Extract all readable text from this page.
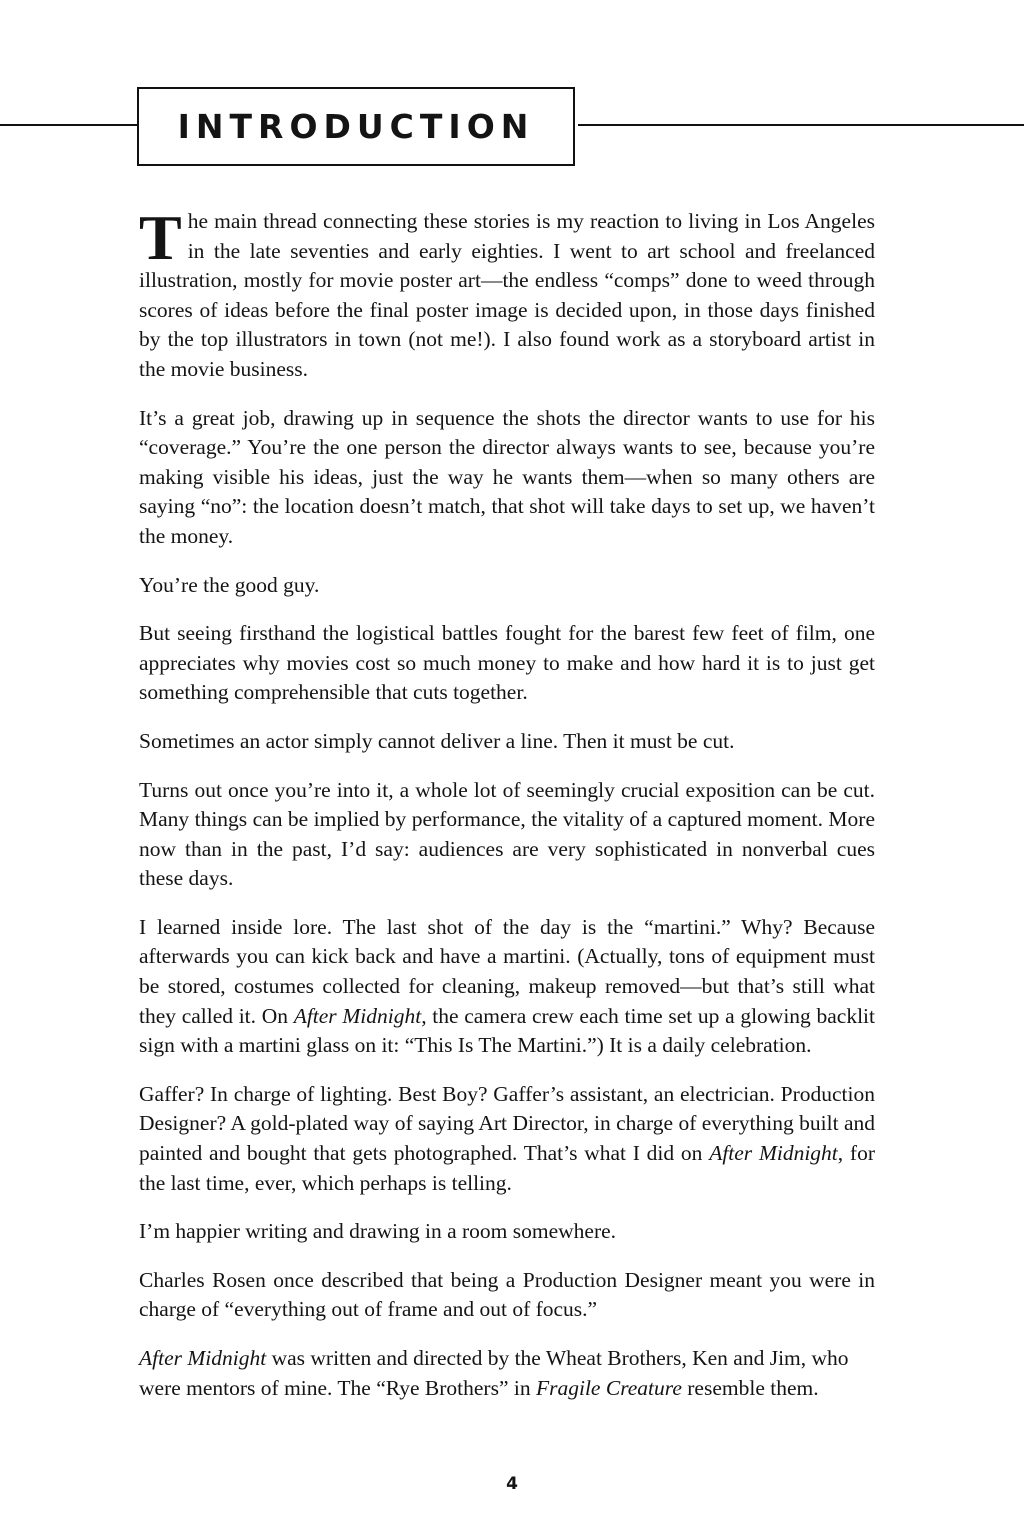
INTRODUCTION

The main thread connecting these stories is my reaction to living in Los Angeles in the late seventies and early eighties. I went to art school and freelanced illustration, mostly for movie poster art—the endless “comps” done to weed through scores of ideas before the final poster image is decided upon, in those days finished by the top illustrators in town (not me!). I also found work as a storyboard artist in the movie business.

It’s a great job, drawing up in sequence the shots the director wants to use for his “coverage.” You’re the one person the director always wants to see, because you’re making visible his ideas, just the way he wants them—when so many others are saying “no”: the location doesn’t match, that shot will take days to set up, we haven’t the money.

You’re the good guy.

But seeing firsthand the logistical battles fought for the barest few feet of film, one appreciates why movies cost so much money to make and how hard it is to just get something comprehensible that cuts together.

Sometimes an actor simply cannot deliver a line. Then it must be cut.

Turns out once you’re into it, a whole lot of seemingly crucial exposition can be cut. Many things can be implied by performance, the vitality of a captured moment. More now than in the past, I’d say: audiences are very sophisticated in nonverbal cues these days.

I learned inside lore. The last shot of the day is the “martini.” Why? Because afterwards you can kick back and have a martini. (Actually, tons of equipment must be stored, costumes collected for cleaning, makeup removed—but that’s still what they called it. On After Midnight, the camera crew each time set up a glowing backlit sign with a martini glass on it: “This Is The Martini.”) It is a daily celebration.

Gaffer? In charge of lighting. Best Boy? Gaffer’s assistant, an electrician. Production Designer? A gold-plated way of saying Art Director, in charge of everything built and painted and bought that gets photographed. That’s what I did on After Midnight, for the last time, ever, which perhaps is telling.

I’m happier writing and drawing in a room somewhere.

Charles Rosen once described that being a Production Designer meant you were in charge of “everything out of frame and out of focus.”

After Midnight was written and directed by the Wheat Brothers, Ken and Jim, who were mentors of mine. The “Rye Brothers” in Fragile Creature resemble them.

4
